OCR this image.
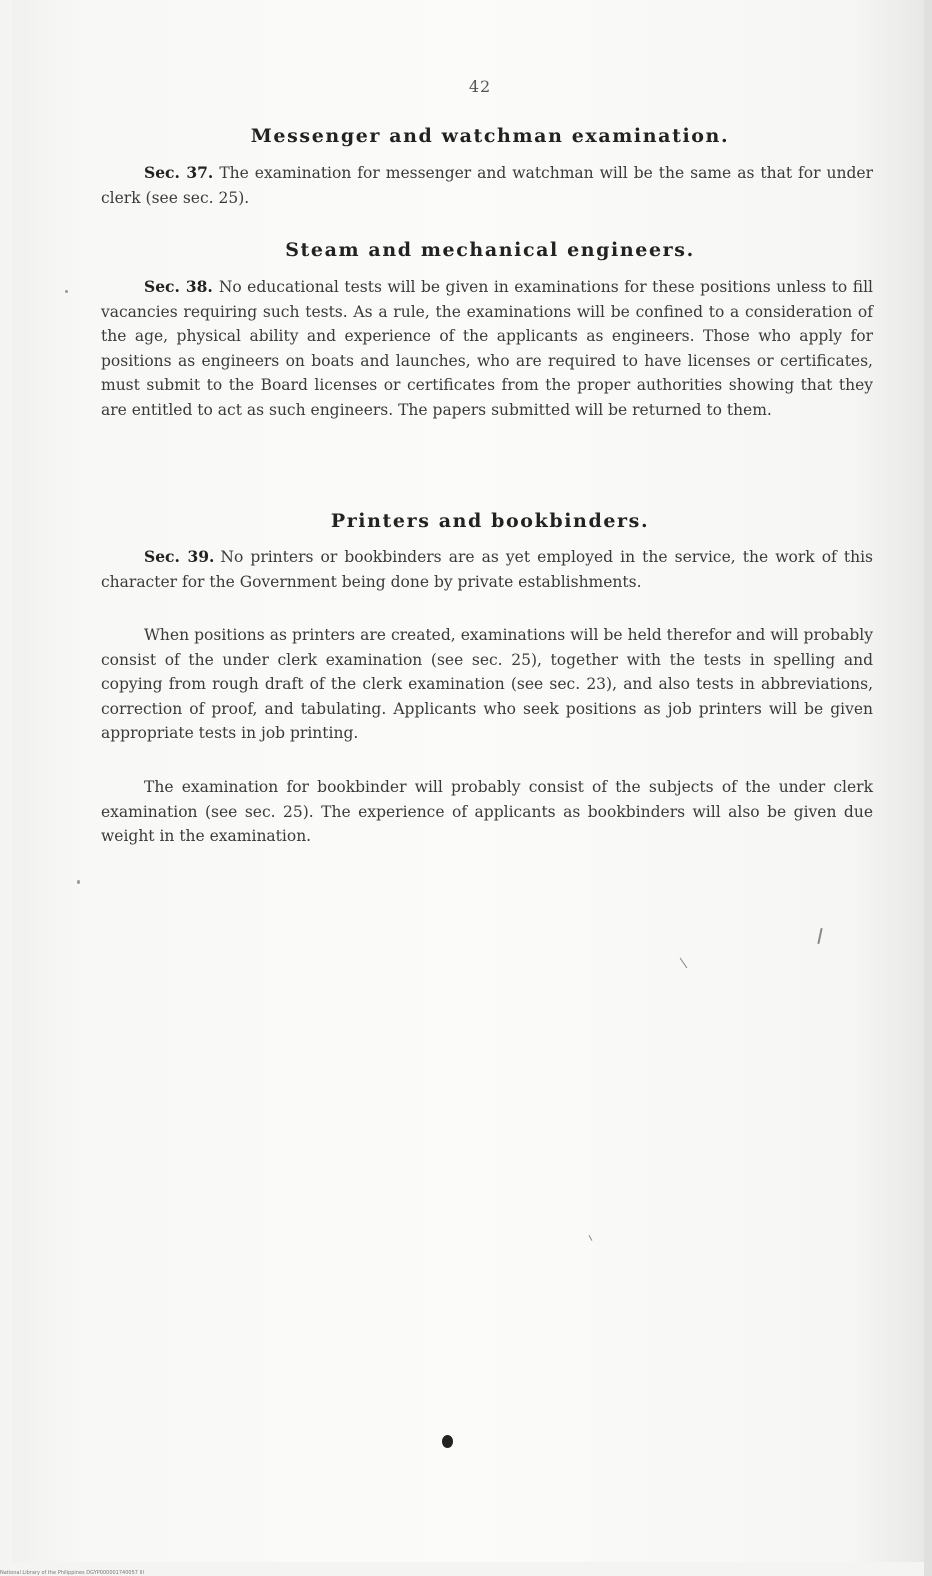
42
Messenger and watchman examination.
Sec. 37. The examination for messenger and watchman will be the same as that for under clerk (see sec. 25).
Steam and mechanical engineers.
Sec. 38. No educational tests will be given in examinations for these positions unless to fill vacancies requiring such tests. As a rule, the examinations will be confined to a consideration of the age, physical ability and experience of the applicants as engineers. Those who apply for positions as engineers on boats and launches, who are required to have licenses or certificates, must submit to the Board licenses or certificates from the proper authorities showing that they are entitled to act as such engineers. The papers submitted will be returned to them.
Printers and bookbinders.
Sec. 39. No printers or bookbinders are as yet employed in the service, the work of this character for the Government being done by private establishments.
When positions as printers are created, examinations will be held therefor and will probably consist of the under clerk examination (see sec. 25), together with the tests in spelling and copying from rough draft of the clerk examination (see sec. 23), and also tests in abbreviations, correction of proof, and tabulating. Applicants who seek positions as job printers will be given appropriate tests in job printing.
The examination for bookbinder will probably consist of the subjects of the under clerk examination (see sec. 25). The experience of applicants as bookbinders will also be given due weight in the examination.
National Library of the Philippines DGYP000001740057 III
